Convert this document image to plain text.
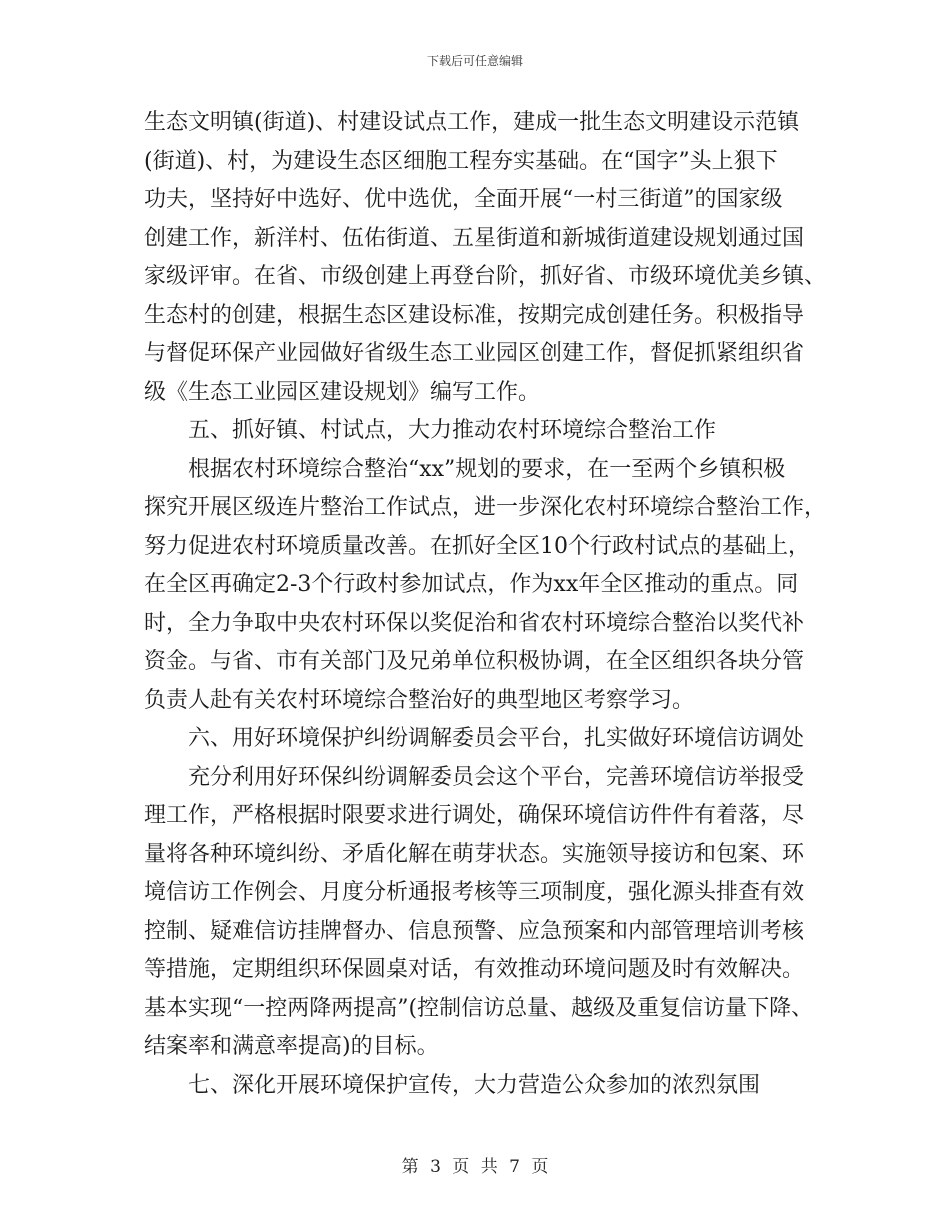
下载后可任意编辑
生态文明镇(街道)、村建设试点工作，建成一批生态文明建设示范镇
(街道)、村，为建设生态区细胞工程夯实基础。在“国字”头上狠下
功夫，坚持好中选好、优中选优，全面开展“一村三街道”的国家级
创建工作，新洋村、伍佑街道、五星街道和新城街道建设规划通过国
家级评审。在省、市级创建上再登台阶，抓好省、市级环境优美乡镇、
生态村的创建，根据生态区建设标准，按期完成创建任务。积极指导
与督促环保产业园做好省级生态工业园区创建工作，督促抓紧组织省
级《生态工业园区建设规划》编写工作。
五、抓好镇、村试点，大力推动农村环境综合整治工作
根据农村环境综合整治“xx”规划的要求，在一至两个乡镇积极
探究开展区级连片整治工作试点，进一步深化农村环境综合整治工作，
努力促进农村环境质量改善。在抓好全区10个行政村试点的基础上，
在全区再确定2-3个行政村参加试点，作为xx年全区推动的重点。同
时，全力争取中央农村环保以奖促治和省农村环境综合整治以奖代补
资金。与省、市有关部门及兄弟单位积极协调，在全区组织各块分管
负责人赴有关农村环境综合整治好的典型地区考察学习。
六、用好环境保护纠纷调解委员会平台，扎实做好环境信访调处
充分利用好环保纠纷调解委员会这个平台，完善环境信访举报受
理工作，严格根据时限要求进行调处，确保环境信访件件有着落，尽
量将各种环境纠纷、矛盾化解在萌芽状态。实施领导接访和包案、环
境信访工作例会、月度分析通报考核等三项制度，强化源头排查有效
控制、疑难信访挂牌督办、信息预警、应急预案和内部管理培训考核
等措施，定期组织环保圆桌对话，有效推动环境问题及时有效解决。
基本实现“一控两降两提高”(控制信访总量、越级及重复信访量下降、
结案率和满意率提高)的目标。
七、深化开展环境保护宣传，大力营造公众参加的浓烈氛围
第 3 页 共 7 页
